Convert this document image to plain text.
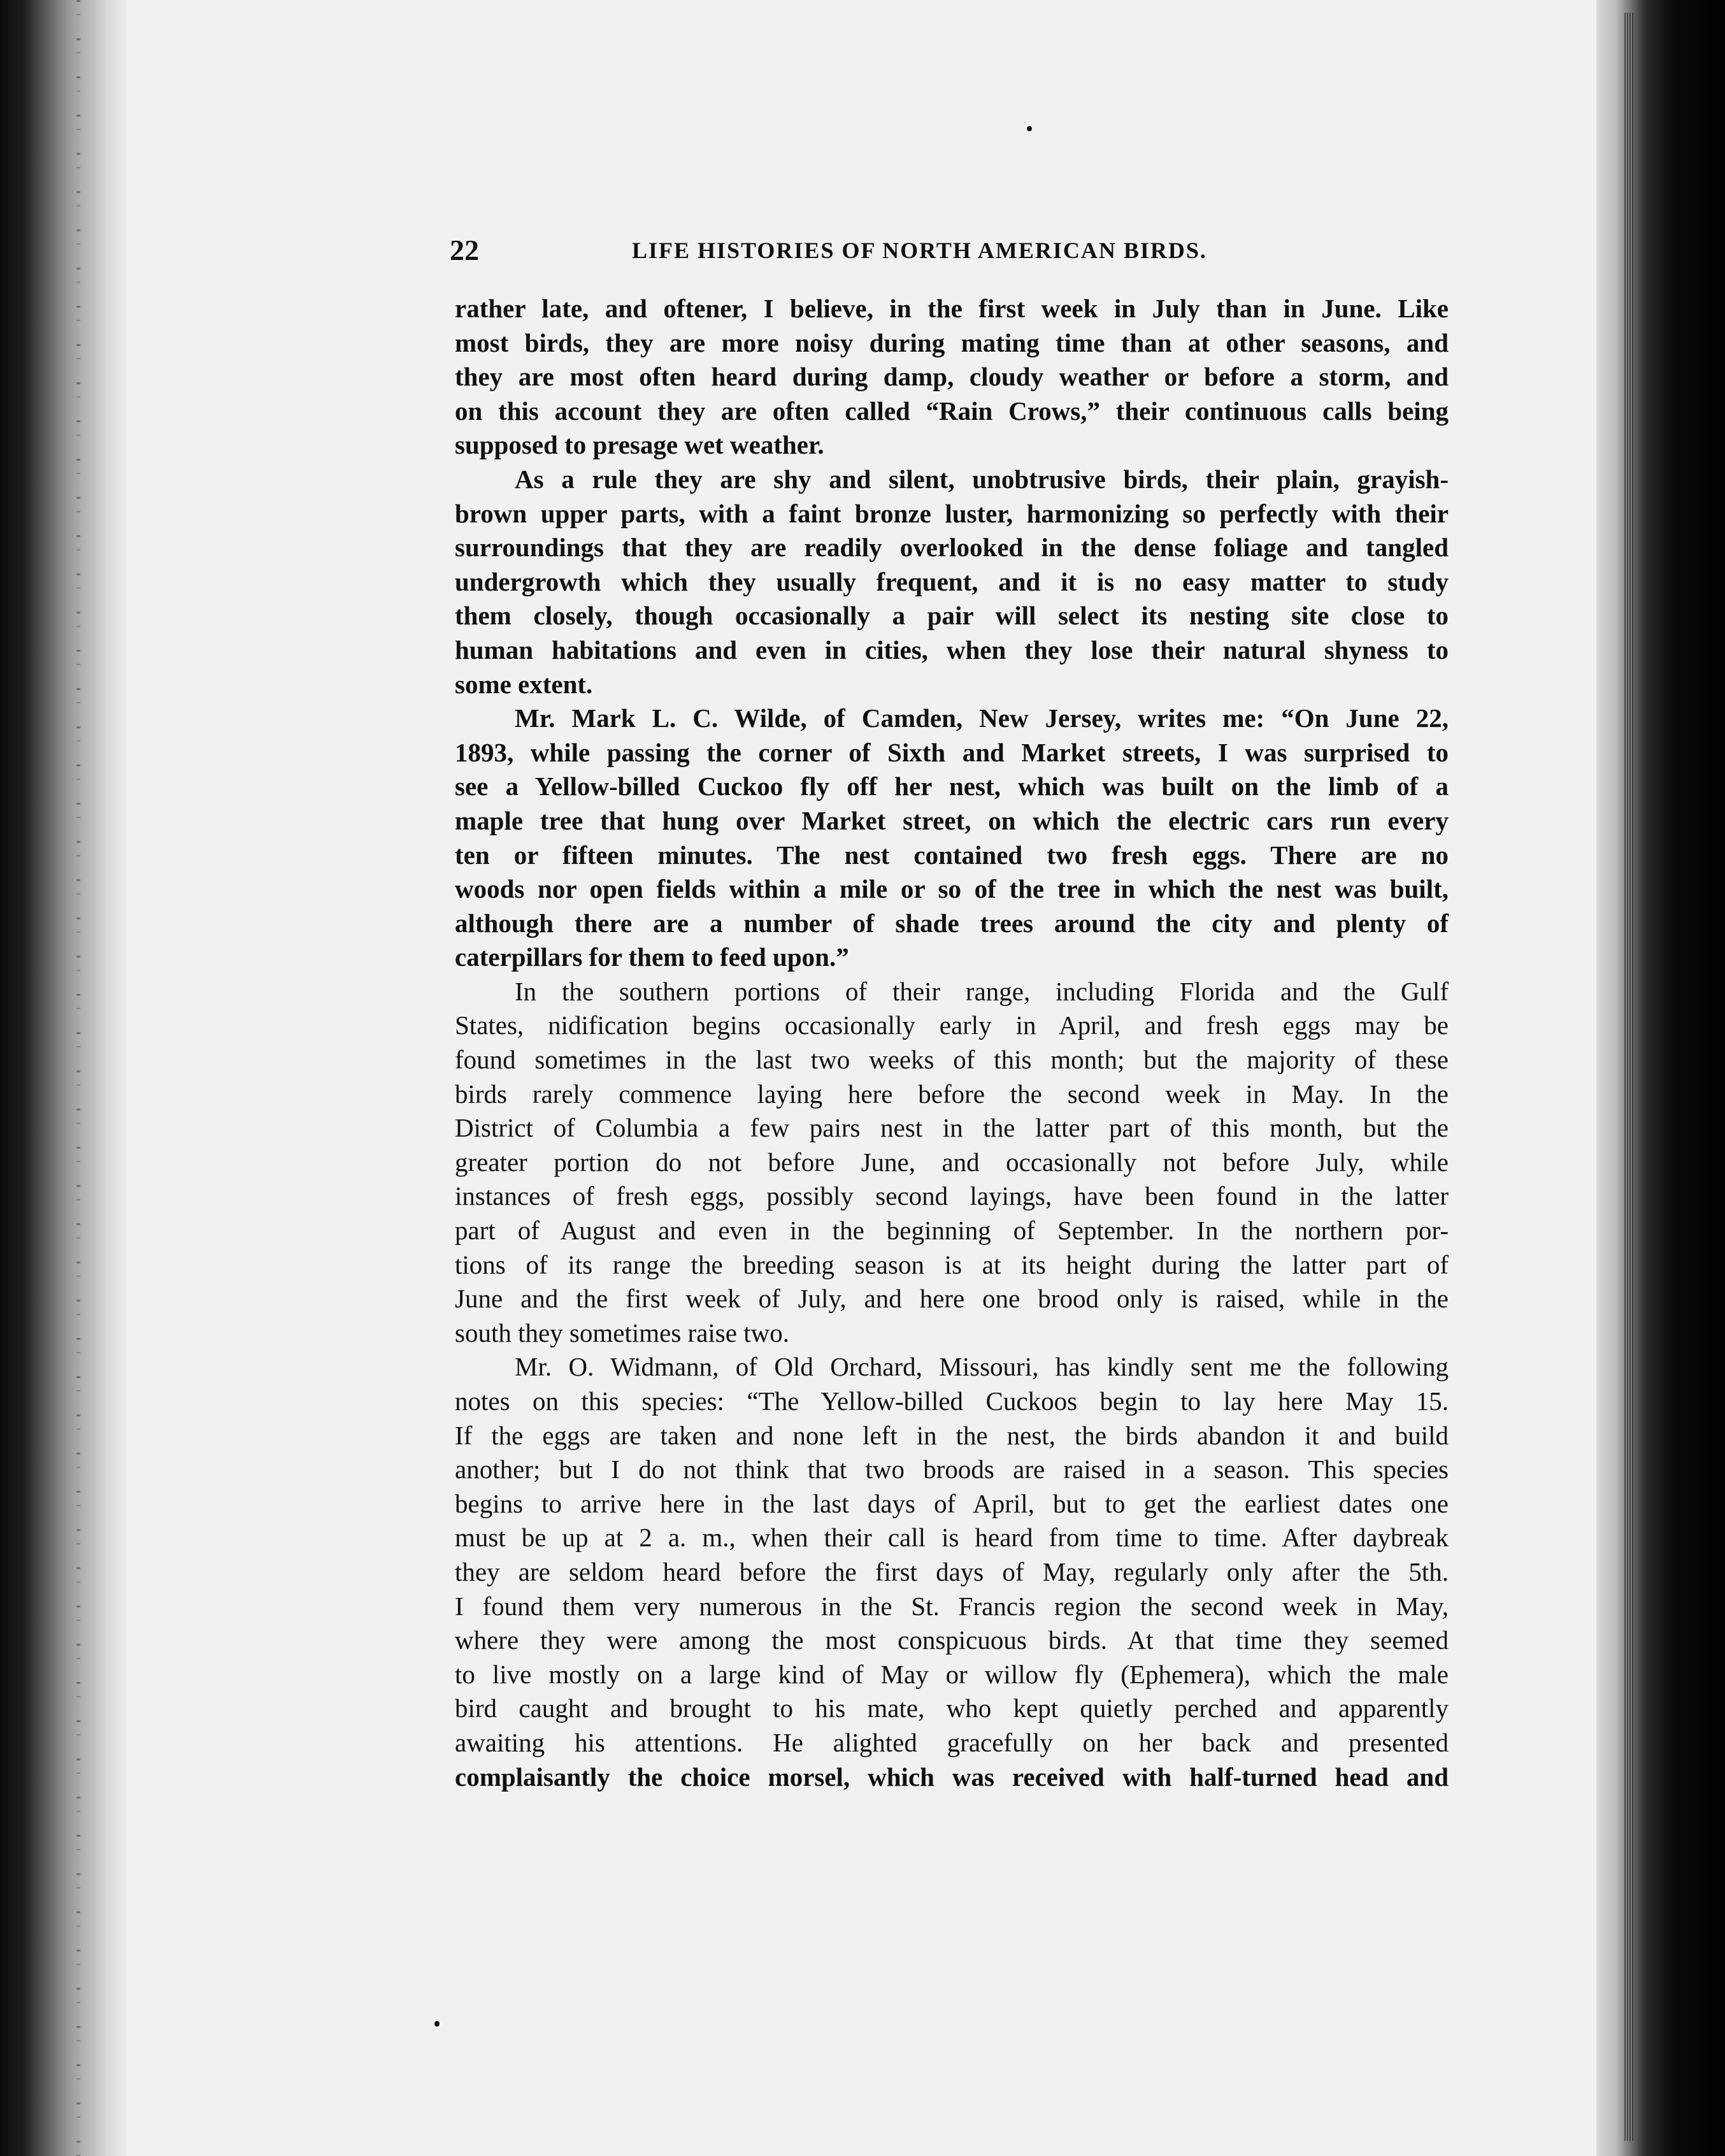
22	LIFE HISTORIES OF NORTH AMERICAN BIRDS.
rather late, and oftener, I believe, in the first week in July than in June. Like
most birds, they are more noisy during mating time than at other seasons, and
they are most often heard during damp, cloudy weather or before a storm, and
on this account they are often called “Rain Crows,” their continuous calls being
supposed to presage wet weather.
As a rule they are shy and silent, unobtrusive birds, their plain, grayish-
brown upper parts, with a faint bronze luster, harmonizing so perfectly with their
surroundings that they are readily overlooked in the dense foliage and tangled
undergrowth which they usually frequent, and it is no easy matter to study
them closely, though occasionally a pair will select its nesting site close to
human habitations and even in cities, when they lose their natural shyness to
some extent.
Mr. Mark L. C. Wilde, of Camden, New Jersey, writes me: “On June 22,
1893, while passing the corner of Sixth and Market streets, I was surprised to
see a Yellow-billed Cuckoo fly off her nest, which was built on the limb of a
maple tree that hung over Market street, on which the electric cars run every
ten or fifteen minutes. The nest contained two fresh eggs. There are no
woods nor open fields within a mile or so of the tree in which the nest was built,
although there are a number of shade trees around the city and plenty of
caterpillars for them to feed upon.”
In the southern portions of their range, including Florida and the Gulf
States, nidification begins occasionally early in April, and fresh eggs may be
found sometimes in the last two weeks of this month; but the majority of these
birds rarely commence laying here before the second week in May. In the
District of Columbia a few pairs nest in the latter part of this month, but the
greater portion do not before June, and occasionally not before July, while
instances of fresh eggs, possibly second layings, have been found in the latter
part of August and even in the beginning of September. In the northern por-
tions of its range the breeding season is at its height during the latter part of
June and the first week of July, and here one brood only is raised, while in the
south they sometimes raise two.
Mr. O. Widmann, of Old Orchard, Missouri, has kindly sent me the following
notes on this species: “The Yellow-billed Cuckoos begin to lay here May 15.
If the eggs are taken and none left in the nest, the birds abandon it and build
another; but I do not think that two broods are raised in a season. This species
begins to arrive here in the last days of April, but to get the earliest dates one
must be up at 2 a. m., when their call is heard from time to time. After daybreak
they are seldom heard before the first days of May, regularly only after the 5th.
I found them very numerous in the St. Francis region the second week in May,
where they were among the most conspicuous birds. At that time they seemed
to live mostly on a large kind of May or willow fly (Ephemera), which the male
bird caught and brought to his mate, who kept quietly perched and apparently
awaiting his attentions. He alighted gracefully on her back and presented
complaisantly the choice morsel, which was received with half-turned head and
